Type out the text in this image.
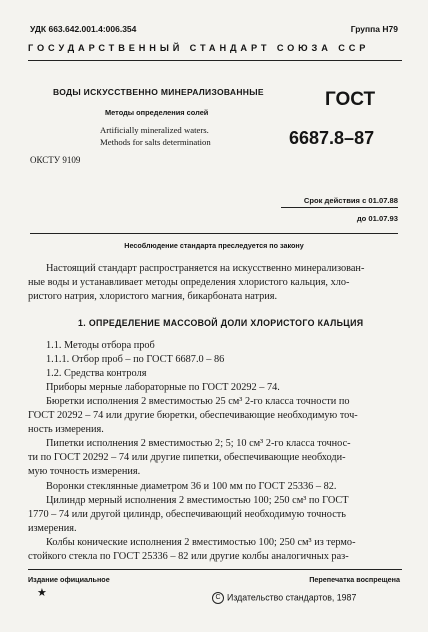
УДК 663.642.001.4:006.354	Группа Н79
ГОСУДАРСТВЕННЫЙ СТАНДАРТ СОЮЗА ССР
ВОДЫ ИСКУССТВЕННО МИНЕРАЛИЗОВАННЫЕ
Методы определения солей
Artificially mineralized waters.
Methods for salts determination
ГОСТ
6687.8–87
ОКСТУ 9109
Срок действия с 01.07.88
до 01.07.93
Несоблюдение стандарта преследуется по закону
Настоящий стандарт распространяется на искусственно минерализован-
ные воды и устанавливает методы определения хлористого кальция, хло-
ристого натрия, хлористого магния, бикарбоната натрия.
1. ОПРЕДЕЛЕНИЕ МАССОВОЙ ДОЛИ ХЛОРИСТОГО КАЛЬЦИЯ
1.1. Методы отбора проб
1.1.1. Отбор проб – по ГОСТ 6687.0 – 86
1.2. Средства контроля
Приборы мерные лабораторные по ГОСТ 20292 – 74.
Бюретки исполнения 2 вместимостью 25 см³ 2-го класса точности по
ГОСТ 20292 – 74 или другие бюретки, обеспечивающие необходимую точ-
ность измерения.
Пипетки исполнения 2 вместимостью 2; 5; 10 см³ 2-го класса точнос-
ти по ГОСТ 20292 – 74 или другие пипетки, обеспечивающие необходи-
мую точность измерения.
Воронки стеклянные диаметром 36 и 100 мм по ГОСТ 25336 – 82.
Цилиндр мерный исполнения 2 вместимостью 100; 250 см³ по ГОСТ
1770 – 74 или другой цилиндр, обеспечивающий необходимую точность
измерения.
Колбы конические исполнения 2 вместимостью 100; 250 см³ из термо-
стойкого стекла по ГОСТ 25336 – 82 или другие колбы аналогичных раз-
Издание официальное	Перепечатка воспрещена
★	С Издательство стандартов, 1987
